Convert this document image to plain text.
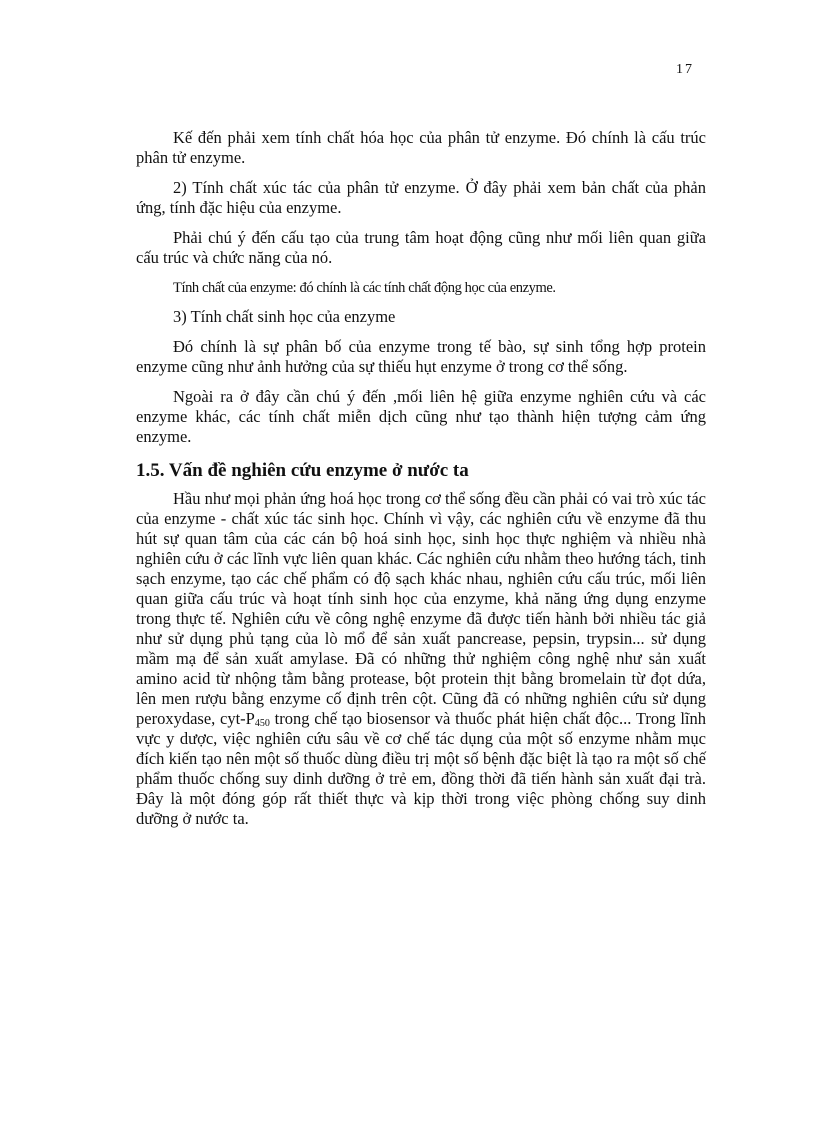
17

Kế đến phải xem tính chất hóa học của phân tử enzyme. Đó chính là cấu trúc phân tử enzyme.

2) Tính chất xúc tác của phân tử enzyme. Ở đây phải xem bản chất của phản ứng, tính đặc hiệu của enzyme.

Phải chú ý đến cấu tạo của trung tâm hoạt động cũng như mối liên quan giữa cấu trúc và chức năng của nó.

Tính chất của enzyme: đó chính là các tính chất động học của enzyme.

3) Tính chất sinh học của enzyme

Đó chính là sự phân bố của enzyme trong tế bào, sự sinh tổng hợp protein enzyme cũng như ảnh hưởng của sự thiếu hụt enzyme ở trong cơ thể sống.

Ngoài ra ở đây cần chú ý đến ,mối liên hệ giữa enzyme nghiên cứu và các enzyme khác, các tính chất miễn dịch cũng như tạo thành hiện tượng cảm ứng enzyme.

1.5. Vấn đề nghiên cứu enzyme ở nước ta

Hầu như mọi phản ứng hoá học trong cơ thể sống đều cần phải có vai trò xúc tác của enzyme - chất xúc tác sinh học. Chính vì vậy, các nghiên cứu về enzyme đã thu hút sự quan tâm của các cán bộ hoá sinh học, sinh học thực nghiệm và nhiều nhà nghiên cứu ở các lĩnh vực liên quan khác. Các nghiên cứu nhằm theo hướng tách, tinh sạch enzyme, tạo các chế phẩm có độ sạch khác nhau, nghiên cứu cấu trúc, mối liên quan giữa cấu trúc và hoạt tính sinh học của enzyme, khả năng ứng dụng enzyme trong thực tế. Nghiên cứu về công nghệ enzyme đã được tiến hành bởi nhiều tác giả như sử dụng phủ tạng của lò mổ để sản xuất pancrease, pepsin, trypsin... sử dụng mầm mạ để sản xuất amylase. Đã có những thử nghiệm công nghệ như sản xuất amino acid từ nhộng tằm bằng protease, bột protein thịt bằng bromelain từ đọt dứa, lên men rượu bằng enzyme cố định trên cột. Cũng đã có những nghiên cứu sử dụng peroxydase, cyt-$P_{450}$ trong chế tạo biosensor và thuốc phát hiện chất độc... Trong lĩnh vực y dược, việc nghiên cứu sâu về cơ chế tác dụng của một số enzyme nhằm mục đích kiến tạo nên một số thuốc dùng điều trị một số bệnh đặc biệt là tạo ra một số chế phẩm thuốc chống suy dinh dưỡng ở trẻ em, đồng thời đã tiến hành sản xuất đại trà. Đây là một đóng góp rất thiết thực và kịp thời trong việc phòng chống suy dinh dưỡng ở nước ta.
